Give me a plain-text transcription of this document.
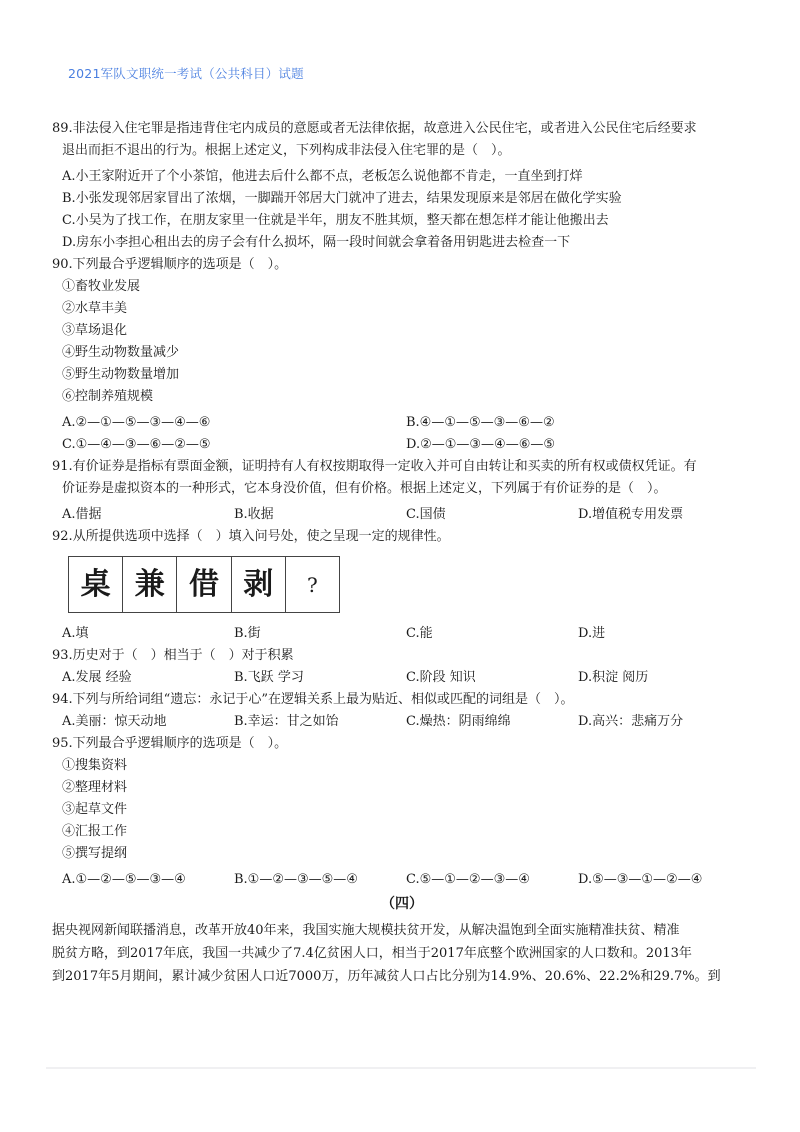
2021军队文职统一考试（公共科目）试题
89.非法侵入住宅罪是指违背住宅内成员的意愿或者无法律依据，故意进入公民住宅，或者进入公民住宅后经要求
退出而拒不退出的行为。根据上述定义，下列构成非法侵入住宅罪的是（　）。
A.小王家附近开了个小茶馆，他进去后什么都不点，老板怎么说他都不肯走，一直坐到打烊
B.小张发现邻居家冒出了浓烟，一脚踹开邻居大门就冲了进去，结果发现原来是邻居在做化学实验
C.小吴为了找工作，在朋友家里一住就是半年，朋友不胜其烦，整天都在想怎样才能让他搬出去
D.房东小李担心租出去的房子会有什么损坏，隔一段时间就会拿着备用钥匙进去检查一下
90.下列最合乎逻辑顺序的选项是（　）。
①畜牧业发展
②水草丰美
③草场退化
④野生动物数量减少
⑤野生动物数量增加
⑥控制养殖规模
A.②—①—⑤—③—④—⑥	B.④—①—⑤—③—⑥—②
C.①—④—③—⑥—②—⑤	D.②—①—③—④—⑥—⑤
91.有价证券是指标有票面金额，证明持有人有权按期取得一定收入并可自由转让和买卖的所有权或债权凭证。有
价证券是虚拟资本的一种形式，它本身没价值，但有价格。根据上述定义，下列属于有价证券的是（　）。
A.借据	B.收据	C.国债	D.增值税专用发票
92.从所提供选项中选择（　）填入问号处，使之呈现一定的规律性。
桌 兼 借 剥	?
A.填	B.街	C.能	D.进
93.历史对于（　）相当于（　）对于积累
A.发展 经验	B.飞跃 学习	C.阶段 知识	D.积淀 阅历
94.下列与所给词组“遗忘：永记于心”在逻辑关系上最为贴近、相似或匹配的词组是（　）。
A.美丽：惊天动地	B.幸运：甘之如饴	C.燥热：阴雨绵绵	D.高兴：悲痛万分
95.下列最合乎逻辑顺序的选项是（　）。
①搜集资料
②整理材料
③起草文件
④汇报工作
⑤撰写提纲
A.①—②—⑤—③—④	B.①—②—③—⑤—④	C.⑤—①—②—③—④	D.⑤—③—①—②—④
（四）
据央视网新闻联播消息，改革开放40年来，我国实施大规模扶贫开发，从解决温饱到全面实施精准扶贫、精准
脱贫方略，到2017年底，我国一共减少了7.4亿贫困人口，相当于2017年底整个欧洲国家的人口数和。2013年
到2017年5月期间，累计减少贫困人口近7000万，历年减贫人口占比分别为14.9%、20.6%、22.2%和29.7%。到
